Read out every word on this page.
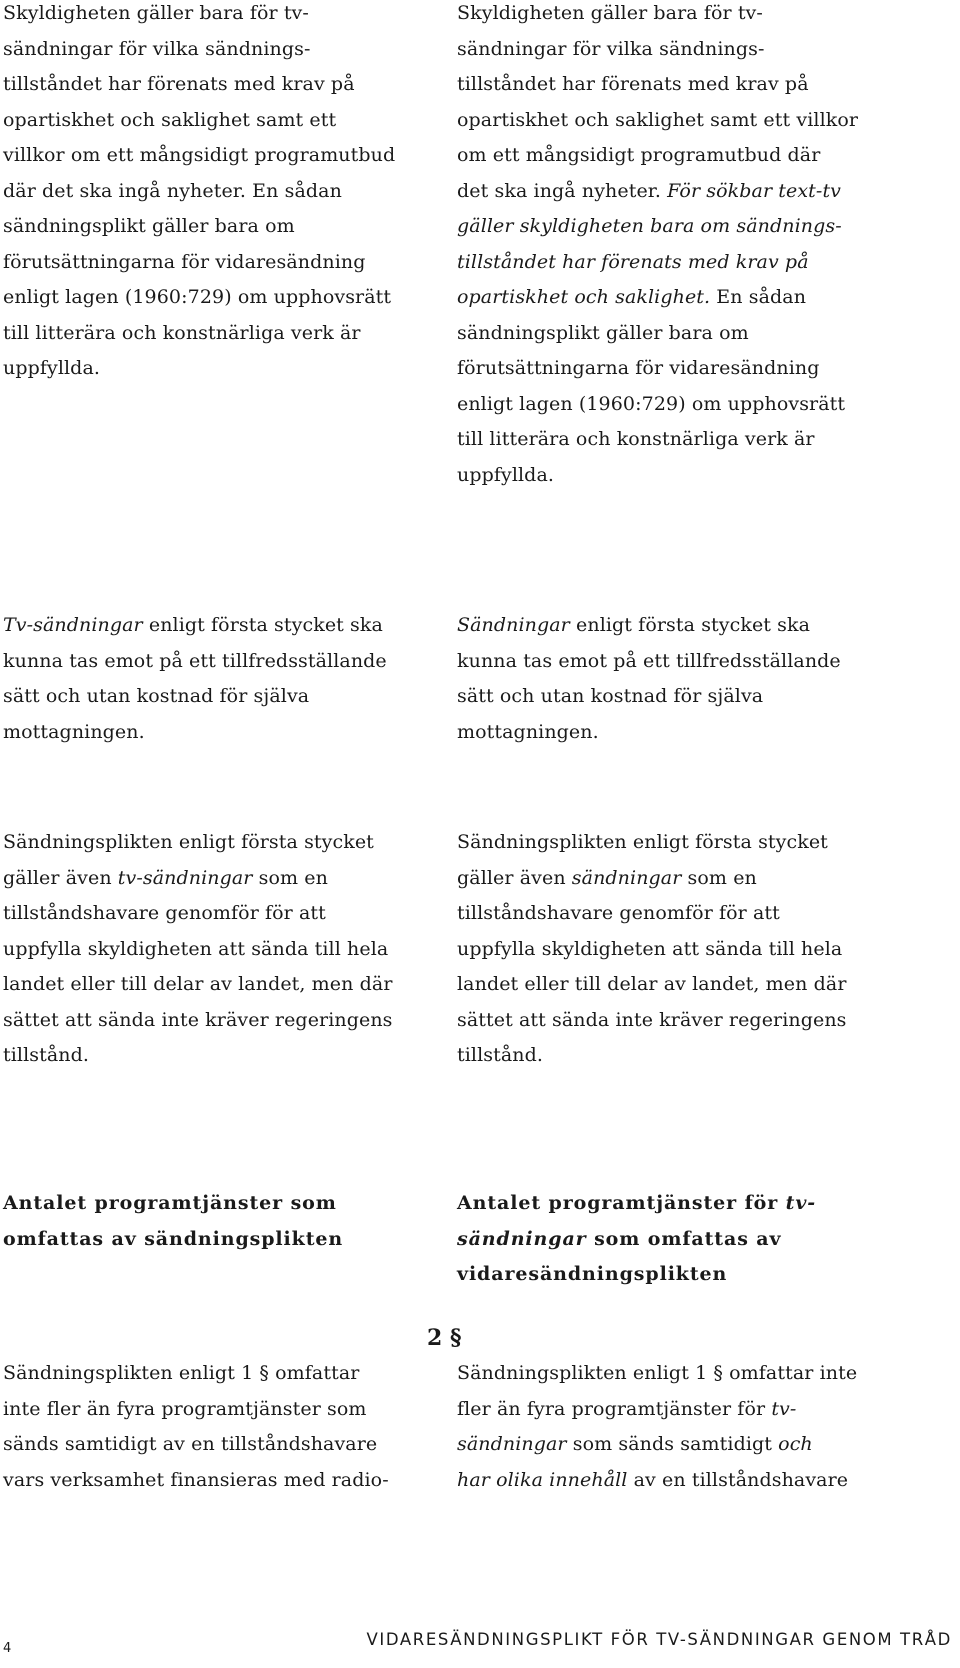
Skyldigheten gäller bara för tv-
sändningar för vilka sändnings-
tillståndet har förenats med krav på
opartiskhet och saklighet samt ett
villkor om ett mångsidigt programutbud
där det ska ingå nyheter. En sådan
sändningsplikt gäller bara om
förutsättningarna för vidaresändning
enligt lagen (1960:729) om upphovsrätt
till litterära och konstnärliga verk är
uppfyllda.
Tv-sändningar enligt första stycket ska
kunna tas emot på ett tillfredsställande
sätt och utan kostnad för själva
mottagningen.
Sändningsplikten enligt första stycket
gäller även tv-sändningar som en
tillståndshavare genomför för att
uppfylla skyldigheten att sända till hela
landet eller till delar av landet, men där
sättet att sända inte kräver regeringens
tillstånd.
Antalet programtjänster som
omfattas av sändningsplikten
Sändningsplikten enligt 1 § omfattar
inte fler än fyra programtjänster som
sänds samtidigt av en tillståndshavare
vars verksamhet finansieras med radio-
Skyldigheten gäller bara för tv-
sändningar för vilka sändnings-
tillståndet har förenats med krav på
opartiskhet och saklighet samt ett villkor
om ett mångsidigt programutbud där
det ska ingå nyheter. För sökbar text-tv
gäller skyldigheten bara om sändnings-
tillståndet har förenats med krav på
opartiskhet och saklighet. En sådan
sändningsplikt gäller bara om
förutsättningarna för vidaresändning
enligt lagen (1960:729) om upphovsrätt
till litterära och konstnärliga verk är
uppfyllda.
Sändningar enligt första stycket ska
kunna tas emot på ett tillfredsställande
sätt och utan kostnad för själva
mottagningen.
Sändningsplikten enligt första stycket
gäller även sändningar som en
tillståndshavare genomför för att
uppfylla skyldigheten att sända till hela
landet eller till delar av landet, men där
sättet att sända inte kräver regeringens
tillstånd.
Antalet programtjänster för tv-
sändningar som omfattas av
vidaresändningsplikten
2 §
Sändningsplikten enligt 1 § omfattar inte
fler än fyra programtjänster för tv-
sändningar som sänds samtidigt och
har olika innehåll av en tillståndshavare
4	VIDARESÄNDNINGSPLIKT FÖR TV-SÄNDNINGAR GENOM TRÅD
